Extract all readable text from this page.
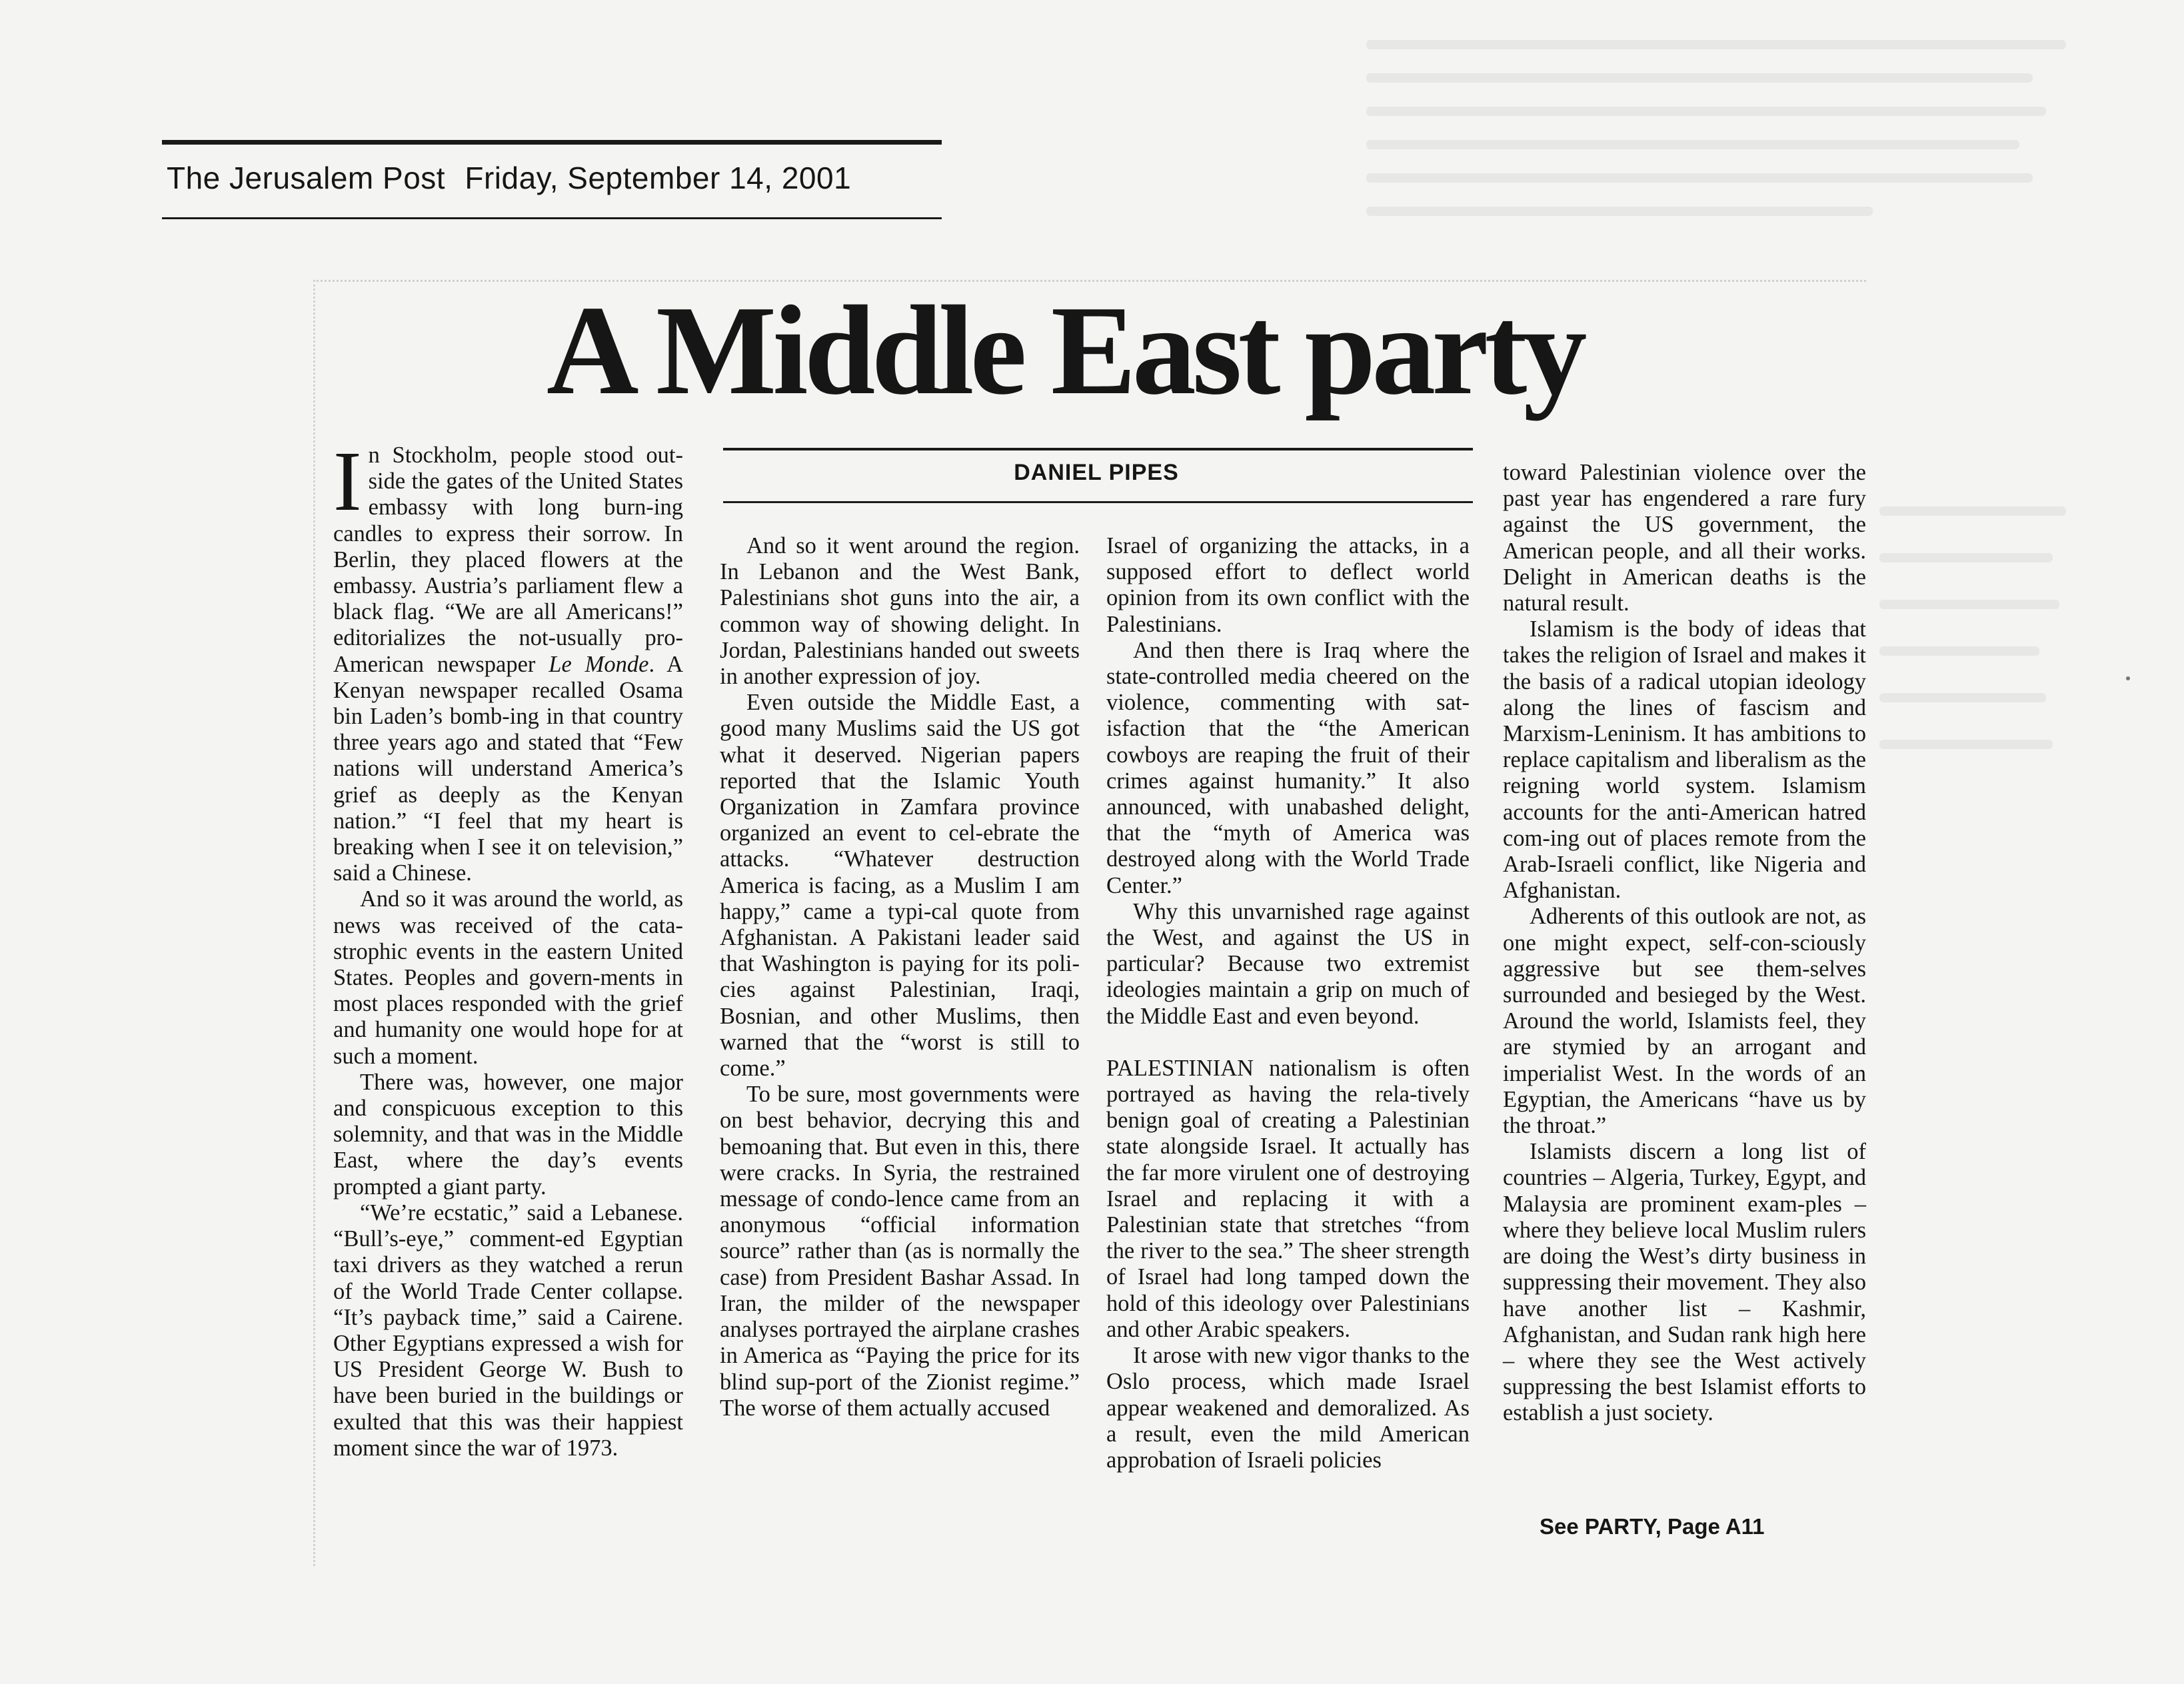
The Jerusalem Post Friday, September 14, 2001
A Middle East party
DANIEL PIPES

In Stockholm, people stood out-side the gates of the United States embassy with long burn-ing candles to express their sorrow. In Berlin, they placed flowers at the embassy. Austria’s parliament flew a black flag. “We are all Americans!” editorializes the not-usually pro-American newspaper Le Monde. A Kenyan newspaper recalled Osama bin Laden’s bomb-ing in that country three years ago and stated that “Few nations will understand America’s grief as deeply as the Kenyan nation.” “I feel that my heart is breaking when I see it on television,” said a Chinese.

And so it was around the world, as news was received of the cata-strophic events in the eastern United States. Peoples and govern-ments in most places responded with the grief and humanity one would hope for at such a moment.

There was, however, one major and conspicuous exception to this solemnity, and that was in the Middle East, where the day’s events prompted a giant party.

“We’re ecstatic,” said a Lebanese. “Bull’s-eye,” comment-ed Egyptian taxi drivers as they watched a rerun of the World Trade Center collapse. “It’s payback time,” said a Cairene. Other Egyptians expressed a wish for US President George W. Bush to have been buried in the buildings or exulted that this was their happiest moment since the war of 1973.

And so it went around the region. In Lebanon and the West Bank, Palestinians shot guns into the air, a common way of showing delight. In Jordan, Palestinians handed out sweets in another expression of joy.

Even outside the Middle East, a good many Muslims said the US got what it deserved. Nigerian papers reported that the Islamic Youth Organization in Zamfara province organized an event to cel-ebrate the attacks. “Whatever destruction America is facing, as a Muslim I am happy,” came a typi-cal quote from Afghanistan. A Pakistani leader said that Washington is paying for its poli-cies against Palestinian, Iraqi, Bosnian, and other Muslims, then warned that the “worst is still to come.”

To be sure, most governments were on best behavior, decrying this and bemoaning that. But even in this, there were cracks. In Syria, the restrained message of condo-lence came from an anonymous “official information source” rather than (as is normally the case) from President Bashar Assad. In Iran, the milder of the newspaper analyses portrayed the airplane crashes in America as “Paying the price for its blind sup-port of the Zionist regime.” The worse of them actually accused

Israel of organizing the attacks, in a supposed effort to deflect world opinion from its own conflict with the Palestinians.

And then there is Iraq where the state-controlled media cheered on the violence, commenting with sat-isfaction that the “the American cowboys are reaping the fruit of their crimes against humanity.” It also announced, with unabashed delight, that the “myth of America was destroyed along with the World Trade Center.”

Why this unvarnished rage against the West, and against the US in particular? Because two extremist ideologies maintain a grip on much of the Middle East and even beyond.

PALESTINIAN nationalism is often portrayed as having the rela-tively benign goal of creating a Palestinian state alongside Israel. It actually has the far more virulent one of destroying Israel and replacing it with a Palestinian state that stretches “from the river to the sea.” The sheer strength of Israel had long tamped down the hold of this ideology over Palestinians and other Arabic speakers.

It arose with new vigor thanks to the Oslo process, which made Israel appear weakened and demoralized. As a result, even the mild American approbation of Israeli policies

toward Palestinian violence over the past year has engendered a rare fury against the US government, the American people, and all their works. Delight in American deaths is the natural result.

Islamism is the body of ideas that takes the religion of Israel and makes it the basis of a radical utopian ideology along the lines of fascism and Marxism-Leninism. It has ambitions to replace capitalism and liberalism as the reigning world system. Islamism accounts for the anti-American hatred com-ing out of places remote from the Arab-Israeli conflict, like Nigeria and Afghanistan.

Adherents of this outlook are not, as one might expect, self-con-sciously aggressive but see them-selves surrounded and besieged by the West. Around the world, Islamists feel, they are stymied by an arrogant and imperialist West. In the words of an Egyptian, the Americans “have us by the throat.”

Islamists discern a long list of countries – Algeria, Turkey, Egypt, and Malaysia are prominent exam-ples – where they believe local Muslim rulers are doing the West’s dirty business in suppressing their movement. They also have another list – Kashmir, Afghanistan, and Sudan rank high here – where they see the West actively suppressing the best Islamist efforts to establish a just society.

See PARTY, Page A11
